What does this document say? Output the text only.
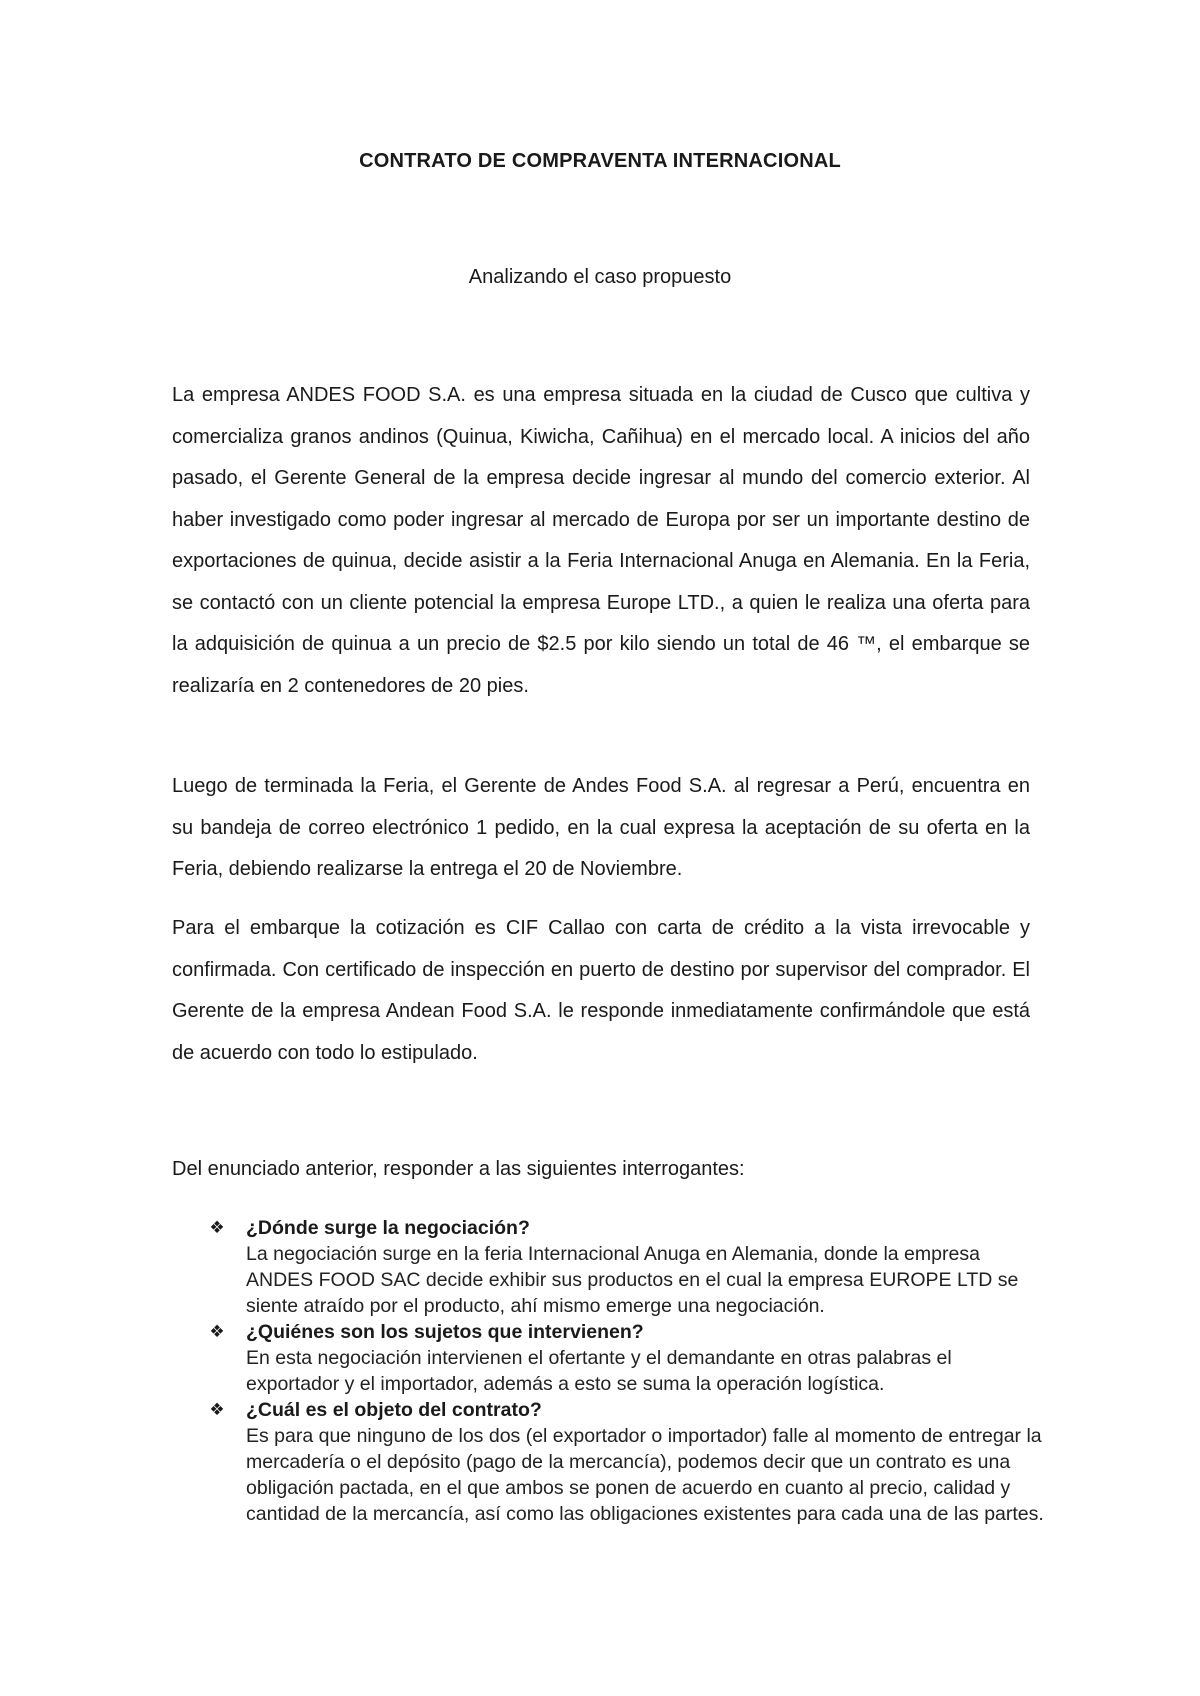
CONTRATO DE COMPRAVENTA INTERNACIONAL
Analizando el caso propuesto

La empresa ANDES FOOD S.A. es una empresa situada en la ciudad de Cusco que cultiva y comercializa granos andinos (Quinua, Kiwicha, Cañihua) en el mercado local. A inicios del año pasado, el Gerente General de la empresa decide ingresar al mundo del comercio exterior. Al haber investigado como poder ingresar al mercado de Europa por ser un importante destino de exportaciones de quinua, decide asistir a la Feria Internacional Anuga en Alemania. En la Feria, se contactó con un cliente potencial la empresa Europe LTD., a quien le realiza una oferta para la adquisición de quinua a un precio de $2.5 por kilo siendo un total de 46 ™, el embarque se realizaría en 2 contenedores de 20 pies.

Luego de terminada la Feria, el Gerente de Andes Food S.A. al regresar a Perú, encuentra en su bandeja de correo electrónico 1 pedido, en la cual expresa la aceptación de su oferta en la Feria, debiendo realizarse la entrega el 20 de Noviembre.

Para el embarque la cotización es CIF Callao con carta de crédito a la vista irrevocable y confirmada. Con certificado de inspección en puerto de destino por supervisor del comprador. El Gerente de la empresa Andean Food S.A. le responde inmediatamente confirmándole que está de acuerdo con todo lo estipulado.

Del enunciado anterior, responder a las siguientes interrogantes:

❖ ¿Dónde surge la negociación?
La negociación surge en la feria Internacional Anuga en Alemania, donde la empresa ANDES FOOD SAC decide exhibir sus productos en el cual la empresa EUROPE LTD se siente atraído por el producto, ahí mismo emerge una negociación.
❖ ¿Quiénes son los sujetos que intervienen?
En esta negociación intervienen el ofertante y el demandante en otras palabras el exportador y el importador, además a esto se suma la operación logística.
❖ ¿Cuál es el objeto del contrato?
Es para que ninguno de los dos (el exportador o importador) falle al momento de entregar la mercadería o el depósito (pago de la mercancía), podemos decir que un contrato es una obligación pactada, en el que ambos se ponen de acuerdo en cuanto al precio, calidad y cantidad de la mercancía, así como las obligaciones existentes para cada una de las partes.
